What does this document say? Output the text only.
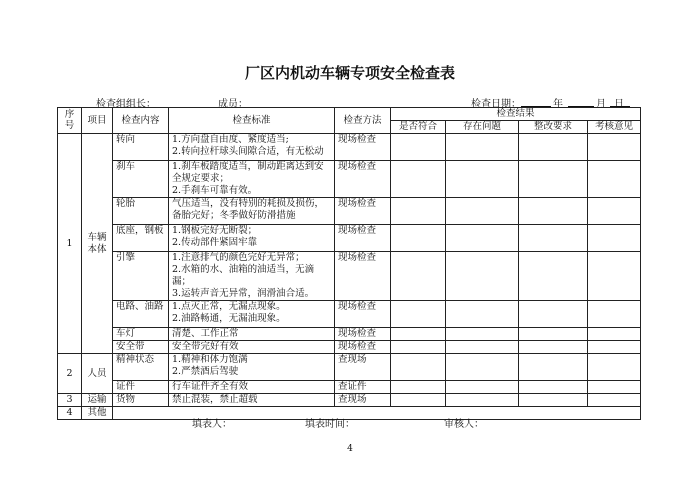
厂区内机动车辆专项安全检查表
检查组组长：	成员：	检查日期：	年	月 日
序号	项目	检查内容	检查标准	检查方法	检查结果			
					是否符合	存在问题	整改要求	考核意见
1	车辆本体	转向	1.方向盘自由度、紧度适当;
2.转向拉杆球头间隙合适，有无松动	现场检查				
		刹车	1.刹车板踏度适当，制动距离达到安全规定要求；
2.手刹车可靠有效。	现场检查				
		轮胎	气压适当，没有特别的耗损及损伤，备胎完好；冬季做好防滑措施	现场检查				
		底座，钢板	1.钢板完好无断裂；
2.传动部件紧固牢靠	现场检查				
		引擎	1.注意排气的颜色完好无异常；
2.水箱的水、油箱的油适当，无滴漏；
3.运转声音无异常，润滑油合适。	现场检查				
		电路、油路	1.点灭正常，无漏点现象。
2.油路畅通，无漏油现象。	现场检查				
		车灯	清楚、工作正常	现场检查				
		安全带	安全带完好有效	现场检查				
2	人员	精神状态	1.精神和体力饱满
2.严禁酒后驾驶	查现场				
		证件	行车证件齐全有效	查证件				
3	运输	货物	禁止混装，禁止超载	查现场				
4	其他							
填表人：	填表时间：	审核人：
4
